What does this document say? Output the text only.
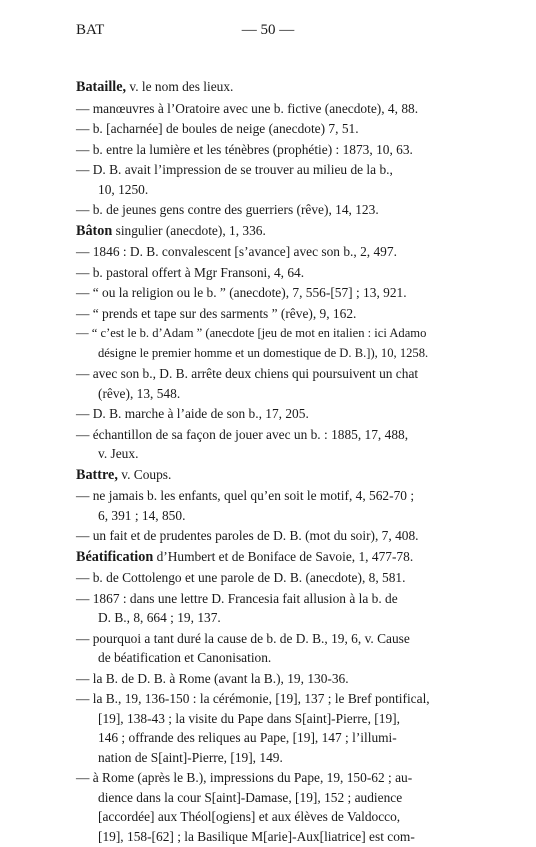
BAT	— 50 —
Bataille, v. le nom des lieux.
— manœuvres à l’Oratoire avec une b. fictive (anecdote), 4, 88.
— b. [acharnée] de boules de neige (anecdote) 7, 51.
— b. entre la lumière et les ténèbres (prophétie) : 1873, 10, 63.
— D. B. avait l’impression de se trouver au milieu de la b.,
10, 1250.
— b. de jeunes gens contre des guerriers (rêve), 14, 123.
Bâton singulier (anecdote), 1, 336.
— 1846 : D. B. convalescent [s’avance] avec son b., 2, 497.
— b. pastoral offert à Mgr Fransoni, 4, 64.
— “ ou la religion ou le b. ” (anecdote), 7, 556-[57] ; 13, 921.
— “ prends et tape sur des sarments ” (rêve), 9, 162.
— “ c’est le b. d’Adam ” (anecdote [jeu de mot en italien : ici Adamo
désigne le premier homme et un domestique de D. B.]), 10, 1258.
— avec son b., D. B. arrête deux chiens qui poursuivent un chat
(rêve), 13, 548.
— D. B. marche à l’aide de son b., 17, 205.
— échantillon de sa façon de jouer avec un b. : 1885, 17, 488,
v. Jeux.
Battre, v. Coups.
— ne jamais b. les enfants, quel qu’en soit le motif, 4, 562-70 ;
6, 391 ; 14, 850.
— un fait et de prudentes paroles de D. B. (mot du soir), 7, 408.
Béatification d’Humbert et de Boniface de Savoie, 1, 477-78.
— b. de Cottolengo et une parole de D. B. (anecdote), 8, 581.
— 1867 : dans une lettre D. Francesia fait allusion à la b. de
D. B., 8, 664 ; 19, 137.
— pourquoi a tant duré la cause de b. de D. B., 19, 6, v. Cause
de béatification et Canonisation.
— la B. de D. B. à Rome (avant la B.), 19, 130-36.
— la B., 19, 136-150 : la cérémonie, [19], 137 ; le Bref pontifical,
[19], 138-43 ; la visite du Pape dans S[aint]-Pierre, [19],
146 ; offrande des reliques au Pape, [19], 147 ; l’illumi-
nation de S[aint]-Pierre, [19], 149.
— à Rome (après le B.), impressions du Pape, 19, 150-62 ; au-
dience dans la cour S[aint]-Damase, [19], 152 ; audience
[accordée] aux Théol[ogiens] et aux élèves de Valdocco,
[19], 158-[62] ; la Basilique M[arie]-Aux[liatrice] est com-
